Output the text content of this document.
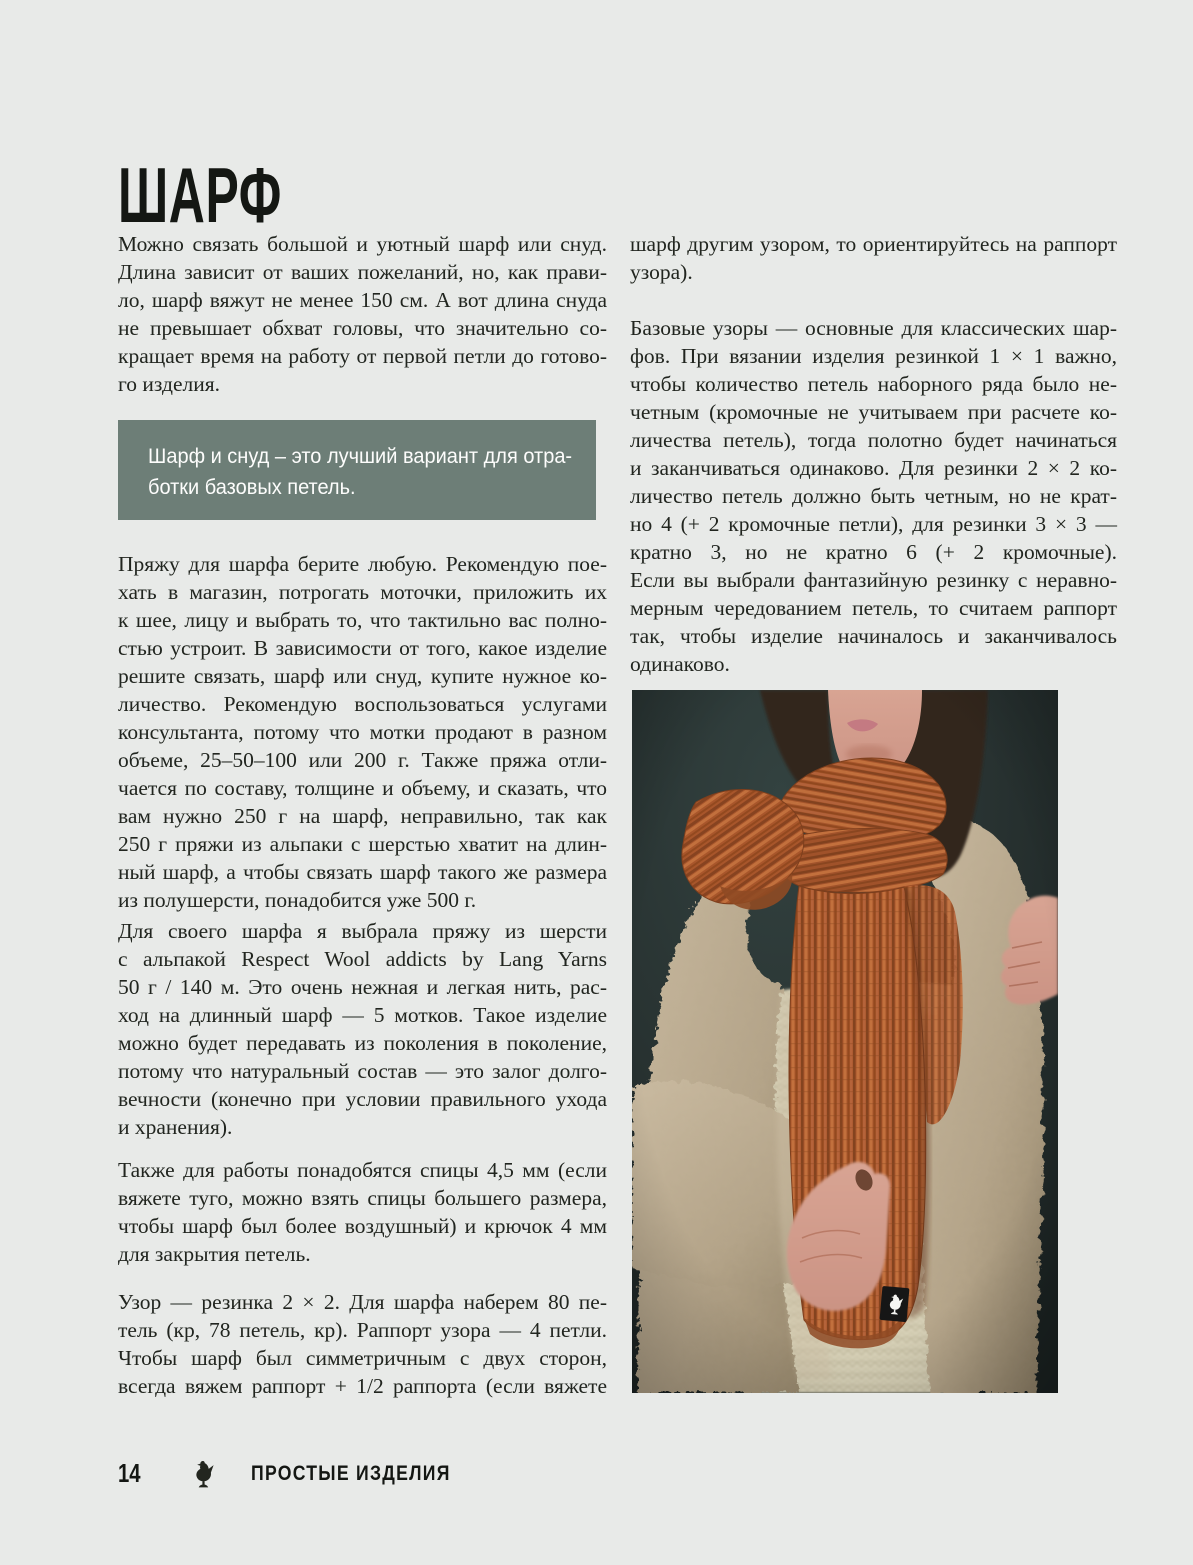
ШАРФ
Можно связать большой и уютный шарф или снуд.
Длина зависит от ваших пожеланий, но, как прави-
ло, шарф вяжут не менее 150 см. А вот длина снуда
не превышает обхват головы, что значительно со-
кращает время на работу от первой петли до готово-
го изделия.
Пряжу для шарфа берите любую. Рекомендую пое-
хать в магазин, потрогать моточки, приложить их
к шее, лицу и выбрать то, что тактильно вас полно-
стью устроит. В зависимости от того, какое изделие
решите связать, шарф или снуд, купите нужное ко-
личество. Рекомендую воспользоваться услугами
консультанта, потому что мотки продают в разном
объеме, 25–50–100 или 200 г. Также пряжа отли-
чается по составу, толщине и объему, и сказать, что
вам нужно 250 г на шарф, неправильно, так как
250 г пряжи из альпаки с шерстью хватит на длин-
ный шарф, а чтобы связать шарф такого же размера
из полушерсти, понадобится уже 500 г.
Для своего шарфа я выбрала пряжу из шерсти
с альпакой Respect Wool addicts by Lang Yarns
50 г / 140 м. Это очень нежная и легкая нить, рас-
ход на длинный шарф — 5 мотков. Такое изделие
можно будет передавать из поколения в поколение,
потому что натуральный состав — это залог долго-
вечности (конечно при условии правильного ухода
и хранения).
Также для работы понадобятся спицы 4,5 мм (если
вяжете туго, можно взять спицы большего размера,
чтобы шарф был более воздушный) и крючок 4 мм
для закрытия петель.
Узор — резинка 2 × 2. Для шарфа наберем 80 пе-
тель (кр, 78 петель, кр). Раппорт узора — 4 петли.
Чтобы шарф был симметричным с двух сторон,
всегда вяжем раппорт + 1/2 раппорта (если вяжете
Шарф и снуд – это лучший вариант для отра-
ботки базовых петель.
шарф другим узором, то ориентируйтесь на раппорт
узора).
Базовые узоры — основные для классических шар-
фов. При вязании изделия резинкой 1 × 1 важно,
чтобы количество петель наборного ряда было не-
четным (кромочные не учитываем при расчете ко-
личества петель), тогда полотно будет начинаться
и заканчиваться одинаково. Для резинки 2 × 2 ко-
личество петель должно быть четным, но не крат-
но 4 (+ 2 кромочные петли), для резинки 3 × 3 —
кратно 3, но не кратно 6 (+ 2 кромочные).
Если вы выбрали фантазийную резинку с неравно-
мерным чередованием петель, то считаем раппорт
так, чтобы изделие начиналось и заканчивалось
одинаково.
14	ПРОСТЫЕ ИЗДЕЛИЯ
